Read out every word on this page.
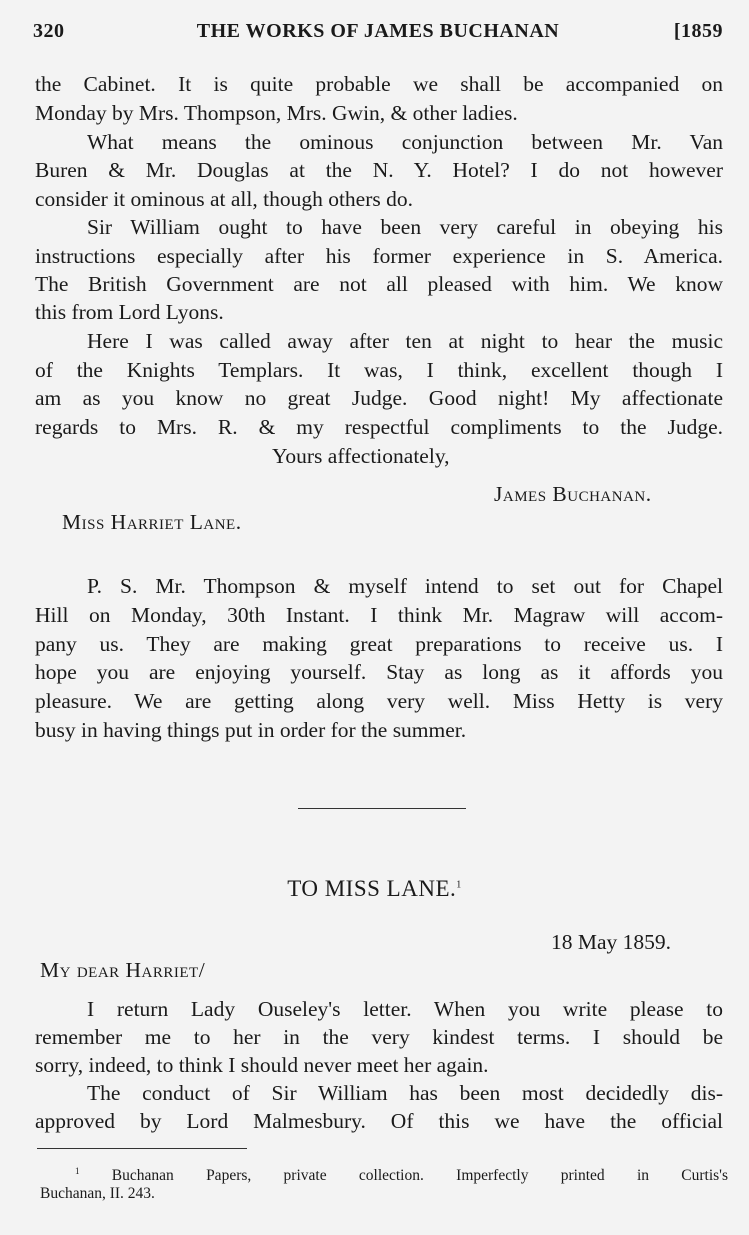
320	THE WORKS OF JAMES BUCHANAN	[1859
the Cabinet. It is quite probable we shall be accompanied on
Monday by Mrs. Thompson, Mrs. Gwin, & other ladies.
What means the ominous conjunction between Mr. Van
Buren & Mr. Douglas at the N. Y. Hotel? I do not however
consider it ominous at all, though others do.
Sir William ought to have been very careful in obeying his
instructions especially after his former experience in S. America.
The British Government are not all pleased with him. We know
this from Lord Lyons.
Here I was called away after ten at night to hear the music
of the Knights Templars. It was, I think, excellent though I
am as you know no great Judge. Good night! My affectionate
regards to Mrs. R. & my respectful compliments to the Judge.
Yours affectionately,
James Buchanan.
Miss Harriet Lane.
P. S. Mr. Thompson & myself intend to set out for Chapel
Hill on Monday, 30th Instant. I think Mr. Magraw will accom-
pany us. They are making great preparations to receive us. I
hope you are enjoying yourself. Stay as long as it affords you
pleasure. We are getting along very well. Miss Hetty is very
busy in having things put in order for the summer.
TO MISS LANE.$^1$
18 May 1859.
My dear Harriet/
I return Lady Ouseley's letter. When you write please to
remember me to her in the very kindest terms. I should be
sorry, indeed, to think I should never meet her again.
The conduct of Sir William has been most decidedly dis-
approved by Lord Malmesbury. Of this we have the official
$^1$ Buchanan Papers, private collection. Imperfectly printed in Curtis's
Buchanan, II. 243.
